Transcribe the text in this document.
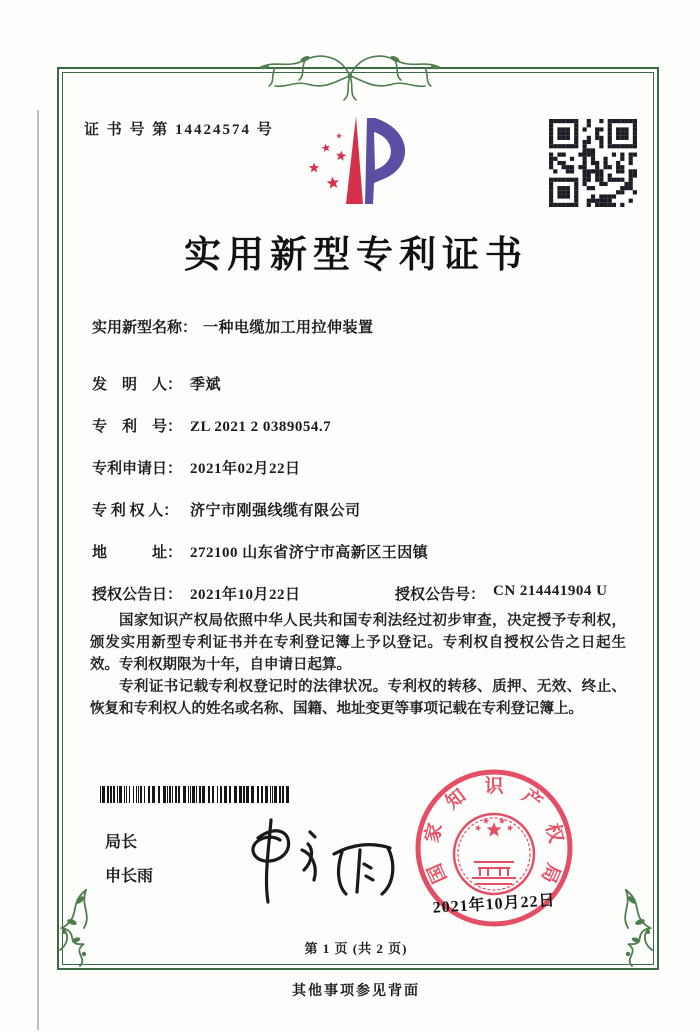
证 书 号 第 14424574 号
实用新型专利证书
实用新型名称： 一种电缆加工用拉伸装置
发　明　人： 季斌
专　利　号： ZL 2021 2 0389054.7
专利申请日： 2021年02月22日
专 利 权 人： 济宁市刚强线缆有限公司
地　　　址： 272100 山东省济宁市高新区王因镇
授权公告日： 2021年10月22日	授权公告号： CN 214441904 U

国家知识产权局依照中华人民共和国专利法经过初步审查，决定授予专利权，颁发实用新型专利证书并在专利登记簿上予以登记。专利权自授权公告之日起生效。专利权期限为十年，自申请日起算。

专利证书记载专利权登记时的法律状况。专利权的转移、质押、无效、终止、恢复和专利权人的姓名或名称、国籍、地址变更等事项记载在专利登记簿上。

局长
申长雨	国
家
知 识 产
权
局
2021年10月22日
第 1 页 (共 2 页)
其他事项参见背面
